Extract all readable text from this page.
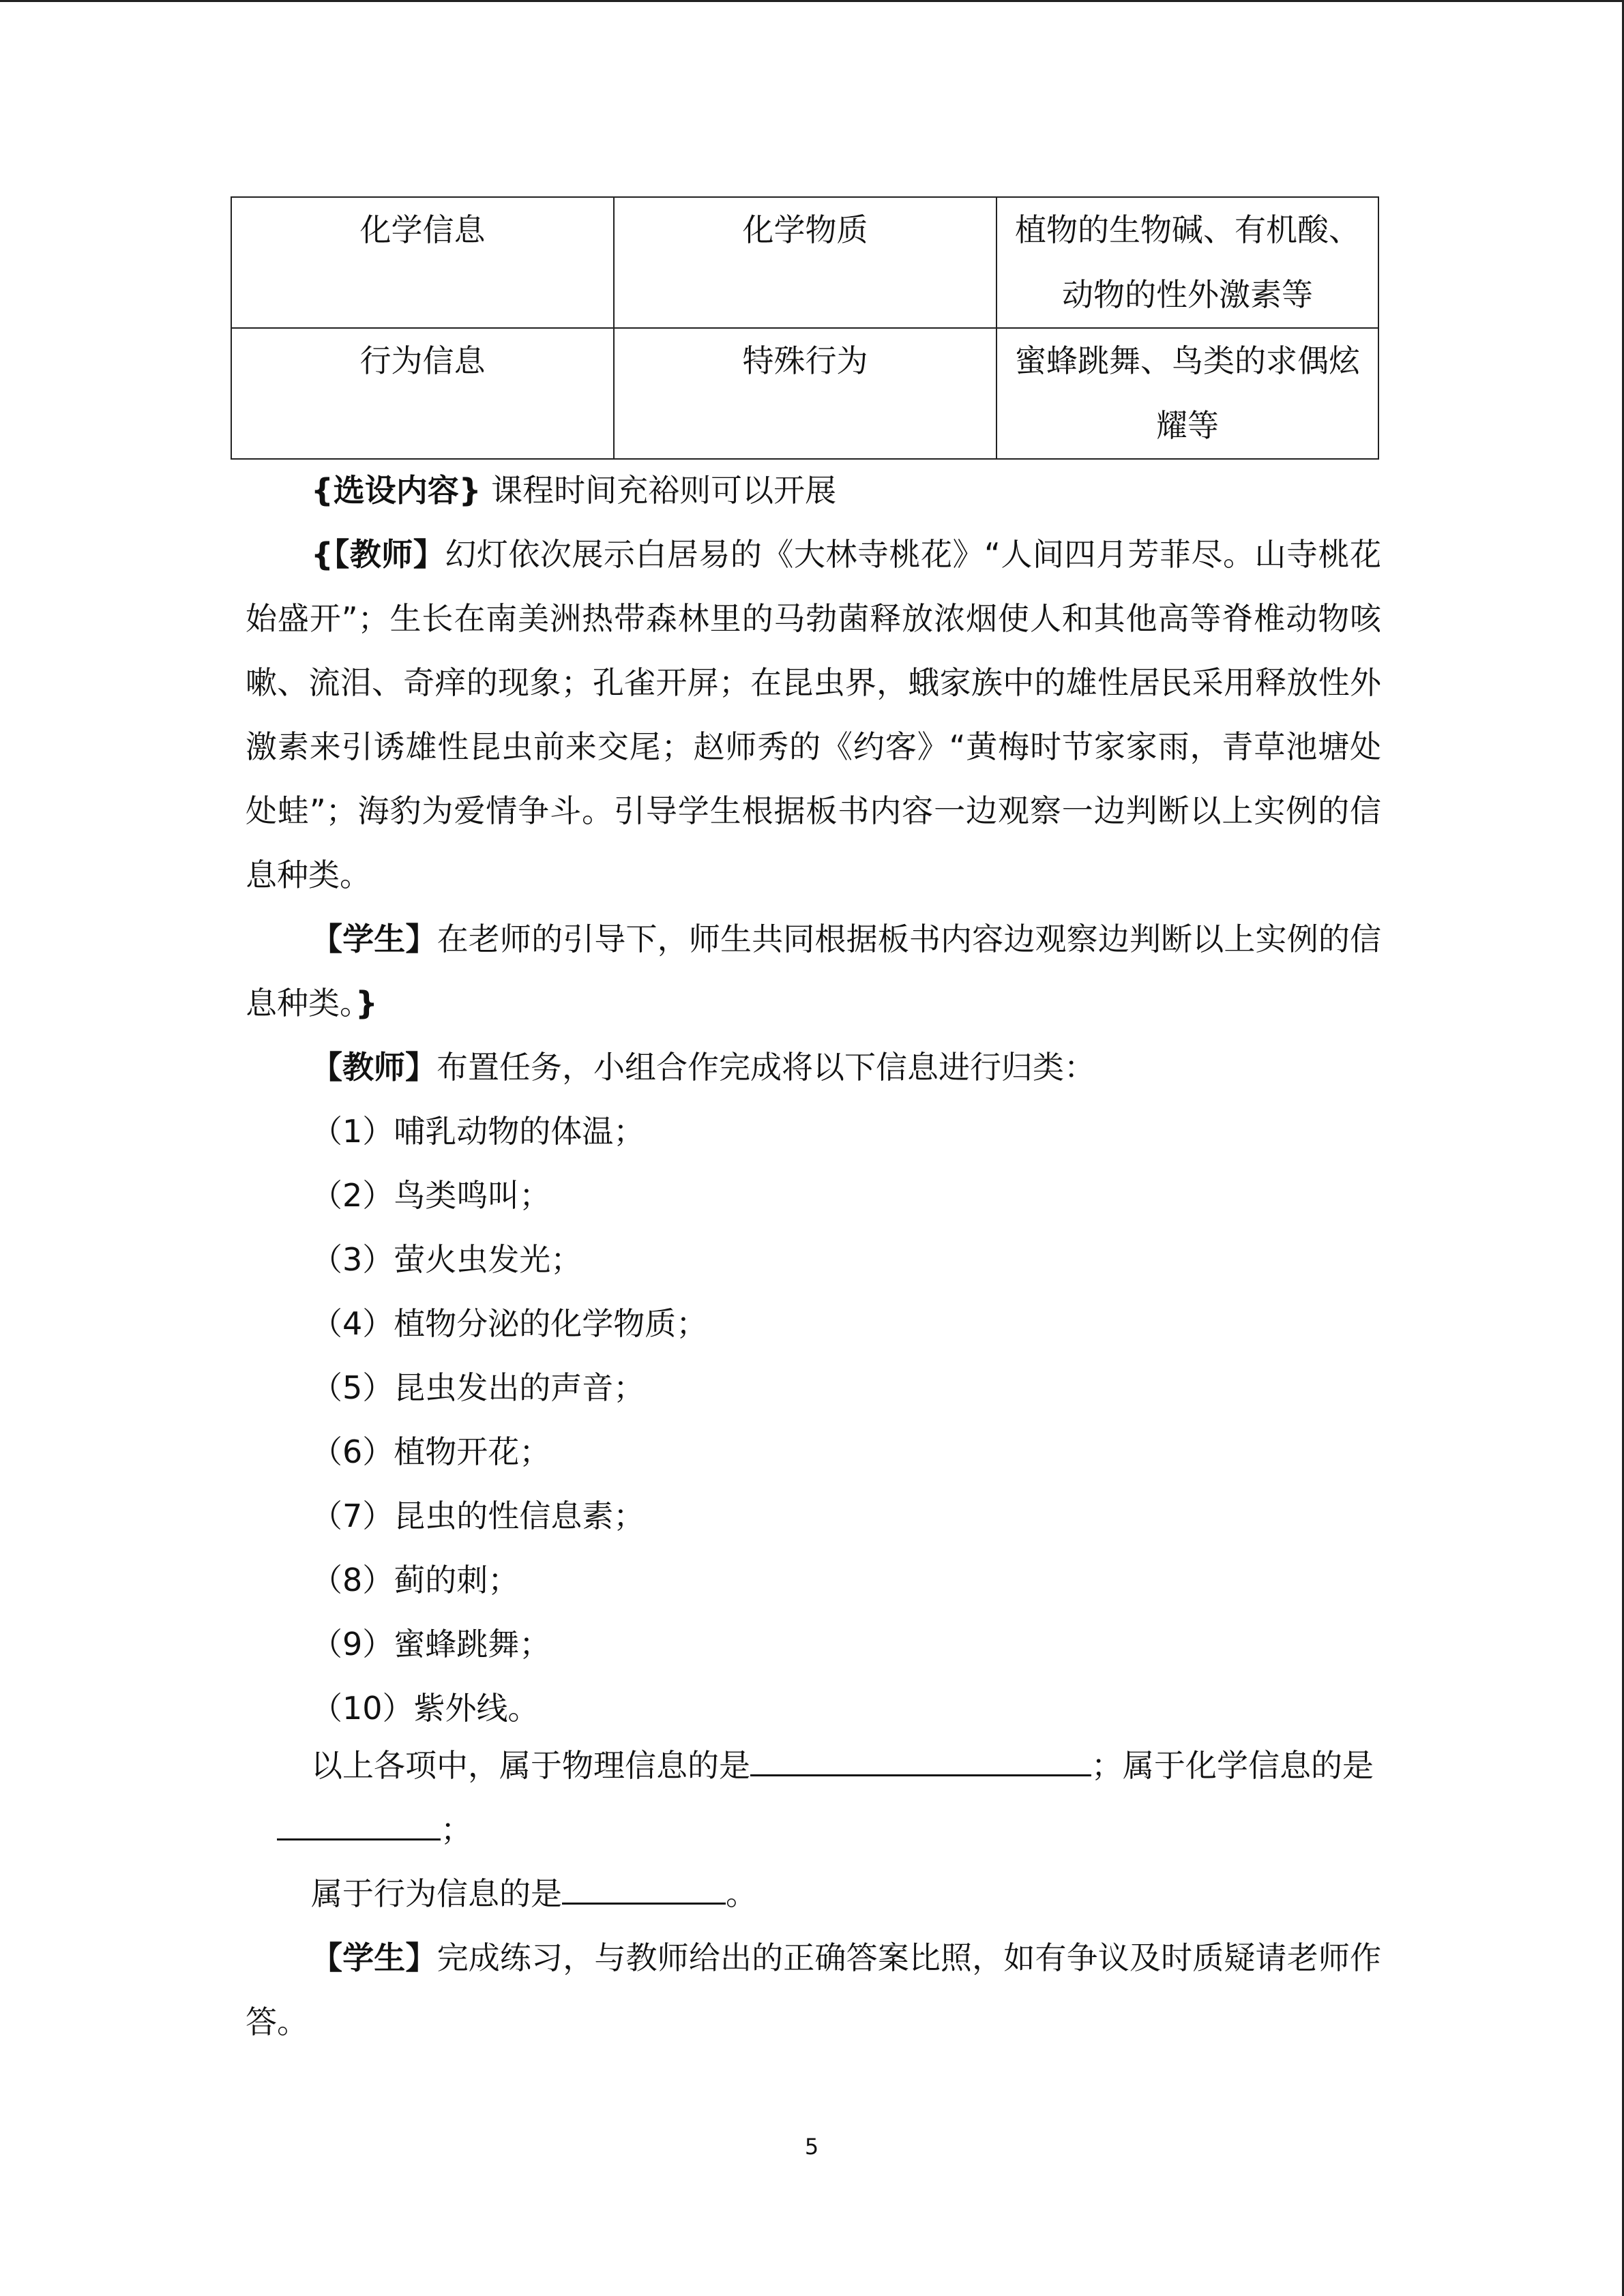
化学信息	化学物质	植物的生物碱、有机酸、动物的性外激素等
行为信息	特殊行为	蜜蜂跳舞、鸟类的求偶炫耀等
{选设内容} 课程时间充裕则可以开展
{【教师】幻灯依次展示白居易的《大林寺桃花》“人间四月芳菲尽。山寺桃花始盛开”；生长在南美洲热带森林里的马勃菌释放浓烟使人和其他高等脊椎动物咳嗽、流泪、奇痒的现象；孔雀开屏；在昆虫界，蛾家族中的雄性居民采用释放性外激素来引诱雄性昆虫前来交尾；赵师秀的《约客》“黄梅时节家家雨，青草池塘处处蛙”；海豹为爱情争斗。引导学生根据板书内容一边观察一边判断以上实例的信息种类。
【学生】在老师的引导下，师生共同根据板书内容边观察边判断以上实例的信息种类。}
【教师】布置任务，小组合作完成将以下信息进行归类：
（1）哺乳动物的体温；
（2）鸟类鸣叫；
（3）萤火虫发光；
（4）植物分泌的化学物质；
（5）昆虫发出的声音；
（6）植物开花；
（7）昆虫的性信息素；
（8）蓟的刺；
（9）蜜蜂跳舞；
（10）紫外线。
以上各项中，属于物理信息的是	；属于化学信息的是
；
属于行为信息的是	。
【学生】完成练习，与教师给出的正确答案比照，如有争议及时质疑请老师作答。
5
